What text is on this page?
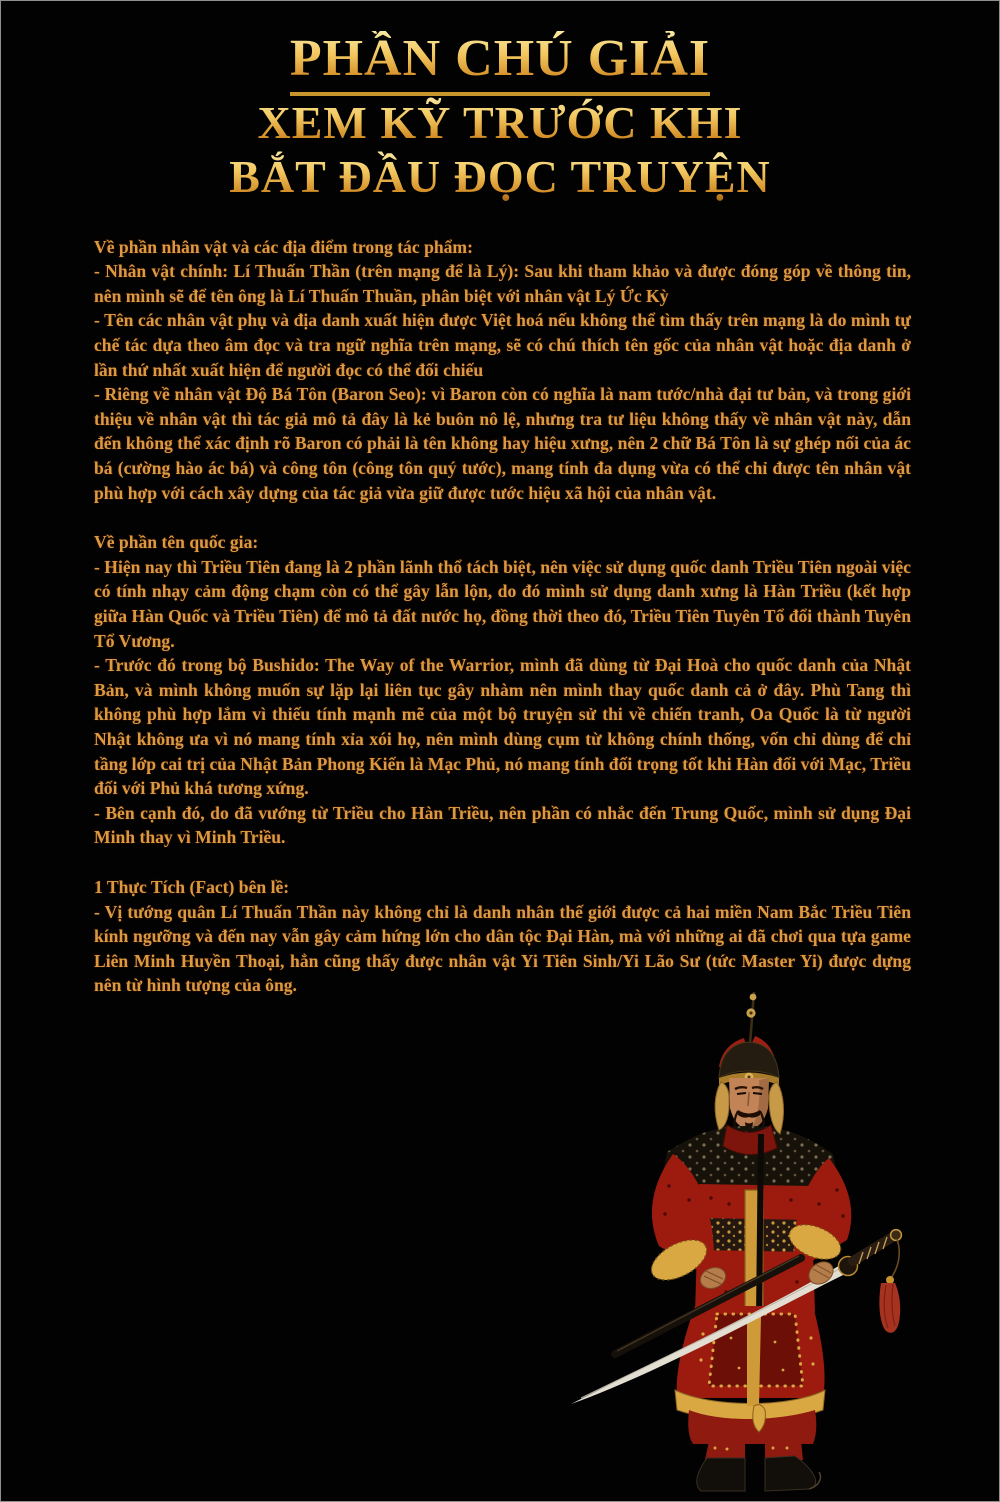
PHẦN CHÚ GIẢI
XEM KỸ TRƯỚC KHI
BẮT ĐẦU ĐỌC TRUYỆN

Về phần nhân vật và các địa điểm trong tác phẩm:

- Nhân vật chính: Lí Thuấn Thần (trên mạng để là Lý): Sau khi tham khảo và được đóng góp về thông tin, nên mình sẽ để tên ông là Lí Thuấn Thuần, phân biệt với nhân vật Lý Ức Kỳ

- Tên các nhân vật phụ và địa danh xuất hiện được Việt hoá nếu không thể tìm thấy trên mạng là do mình tự chế tác dựa theo âm đọc và tra ngữ nghĩa trên mạng, sẽ có chú thích tên gốc của nhân vật hoặc địa danh ở lần thứ nhất xuất hiện để người đọc có thể đối chiếu

- Riêng về nhân vật Độ Bá Tôn (Baron Seo): vì Baron còn có nghĩa là nam tước/nhà đại tư bản, và trong giới thiệu về nhân vật thì tác giả mô tả đây là kẻ buôn nô lệ, nhưng tra tư liệu không thấy về nhân vật này, dẫn đến không thể xác định rõ Baron có phải là tên không hay hiệu xưng, nên 2 chữ Bá Tôn là sự ghép nối của ác bá (cường hào ác bá) và công tôn (công tôn quý tước), mang tính đa dụng vừa có thể chỉ được tên nhân vật phù hợp với cách xây dựng của tác giả vừa giữ được tước hiệu xã hội của nhân vật.

Về phần tên quốc gia:

- Hiện nay thì Triều Tiên đang là 2 phần lãnh thổ tách biệt, nên việc sử dụng quốc danh Triều Tiên ngoài việc có tính nhạy cảm động chạm còn có thể gây lẫn lộn, do đó mình sử dụng danh xưng là Hàn Triều (kết hợp giữa Hàn Quốc và Triều Tiên) để mô tả đất nước họ, đồng thời theo đó, Triều Tiên Tuyên Tổ đổi thành Tuyên Tổ Vương.

- Trước đó trong bộ Bushido: The Way of the Warrior, mình đã dùng từ Đại Hoà cho quốc danh của Nhật Bản, và mình không muốn sự lặp lại liên tục gây nhàm nên mình thay quốc danh cả ở đây. Phù Tang thì không phù hợp lắm vì thiếu tính mạnh mẽ của một bộ truyện sử thi về chiến tranh, Oa Quốc là từ người Nhật không ưa vì nó mang tính xỉa xói họ, nên mình dùng cụm từ không chính thống, vốn chỉ dùng để chỉ tầng lớp cai trị của Nhật Bản Phong Kiến là Mạc Phủ, nó mang tính đối trọng tốt khi Hàn đối với Mạc, Triều đối với Phủ khá tương xứng.

- Bên cạnh đó, do đã vướng từ Triều cho Hàn Triều, nên phần có nhắc đến Trung Quốc, mình sử dụng Đại Minh thay vì Minh Triều.

1 Thực Tích (Fact) bên lề:

- Vị tướng quân Lí Thuấn Thần này không chỉ là danh nhân thế giới được cả hai miền Nam Bắc Triều Tiên kính ngưỡng và đến nay vẫn gây cảm hứng lớn cho dân tộc Đại Hàn, mà với những ai đã chơi qua tựa game Liên Minh Huyền Thoại, hẳn cũng thấy được nhân vật Yi Tiên Sinh/Yi Lão Sư (tức Master Yi) được dựng nên từ hình tượng của ông.
